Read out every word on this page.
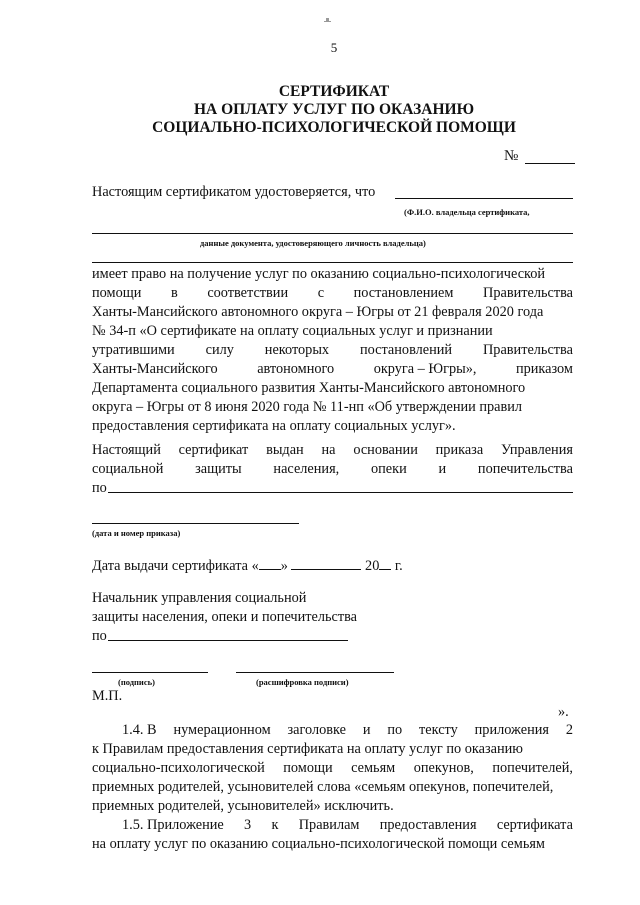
5
СЕРТИФИКАТ
НА ОПЛАТУ УСЛУГ ПО ОКАЗАНИЮ
СОЦИАЛЬНО-ПСИХОЛОГИЧЕСКОЙ ПОМОЩИ
№
Настоящим сертификатом удостоверяется, что
(Ф.И.О. владельца сертификата,
данные документа, удостоверяющего личность владельца)
имеет право на получение услуг по оказанию социально-психологической
помощи в соответствии с постановлением Правительства
Ханты-Мансийского автономного округа – Югры от 21 февраля 2020 года
№ 34-п «О сертификате на оплату социальных услуг и признании
утратившими силу некоторых постановлений Правительства
Ханты-Мансийского	автономного	округа – Югры»,	приказом
Департамента социального развития Ханты-Мансийского автономного
округа – Югры от 8 июня 2020 года № 11-нп «Об утверждении правил
предоставления сертификата на оплату социальных услуг».
Настоящий сертификат выдан на основании приказа Управления
социальной защиты населения, опеки и попечительства
по
(дата и номер приказа)
Дата выдачи сертификата « »	20 г.
Начальник управления социальной
защиты населения, опеки и попечительства
по
(подпись)	(расшифровка подписи)
М.П.
».
1.4. В нумерационном заголовке и по тексту приложения 2
к Правилам предоставления сертификата на оплату услуг по оказанию
социально-психологической помощи семьям опекунов, попечителей,
приемных родителей, усыновителей слова «семьям опекунов, попечителей,
приемных родителей, усыновителей» исключить.
1.5. Приложение 3 к Правилам предоставления сертификата
на оплату услуг по оказанию социально-психологической помощи семьям
